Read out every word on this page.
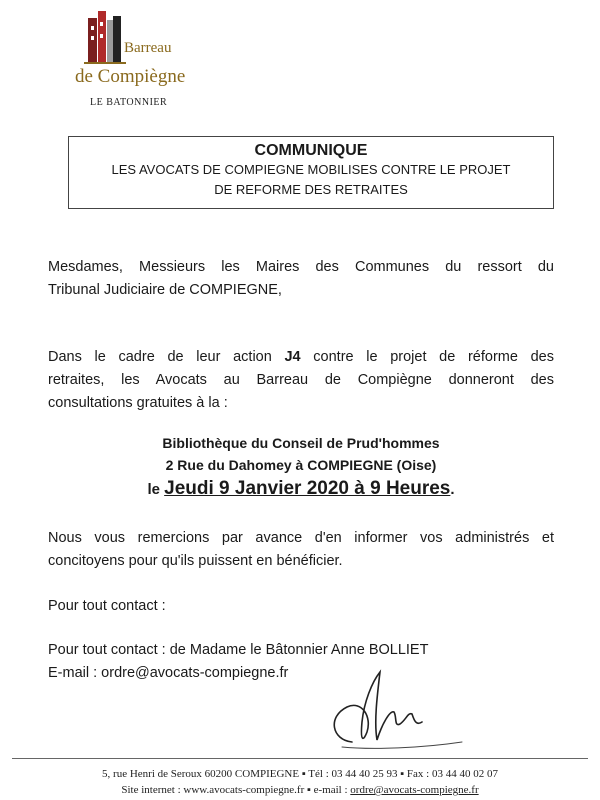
Barreau
de Compiègne
LE BATONNIER
COMMUNIQUE
LES AVOCATS DE COMPIEGNE MOBILISES CONTRE LE PROJET
DE REFORME DES RETRAITES
Mesdames, Messieurs les Maires des Communes du ressort du
Tribunal Judiciaire de COMPIEGNE,
Dans le cadre de leur action J4 contre le projet de réforme des
retraites, les Avocats au Barreau de Compiègne donneront des
consultations gratuites à la :
Bibliothèque du Conseil de Prud'hommes
2 Rue du Dahomey à COMPIEGNE (Oise)
le Jeudi 9 Janvier 2020 à 9 Heures.
Nous vous remercions par avance d'en informer vos administrés et
concitoyens pour qu'ils puissent en bénéficier.
Pour tout contact :
Pour tout contact : de Madame le Bâtonnier Anne BOLLIET
E-mail : ordre@avocats-compiegne.fr
5, rue Henri de Seroux 60200 COMPIEGNE ▪ Tél : 03 44 40 25 93 ▪ Fax : 03 44 40 02 07
Site internet : www.avocats-compiegne.fr ▪ e-mail : ordre@avocats-compiegne.fr
